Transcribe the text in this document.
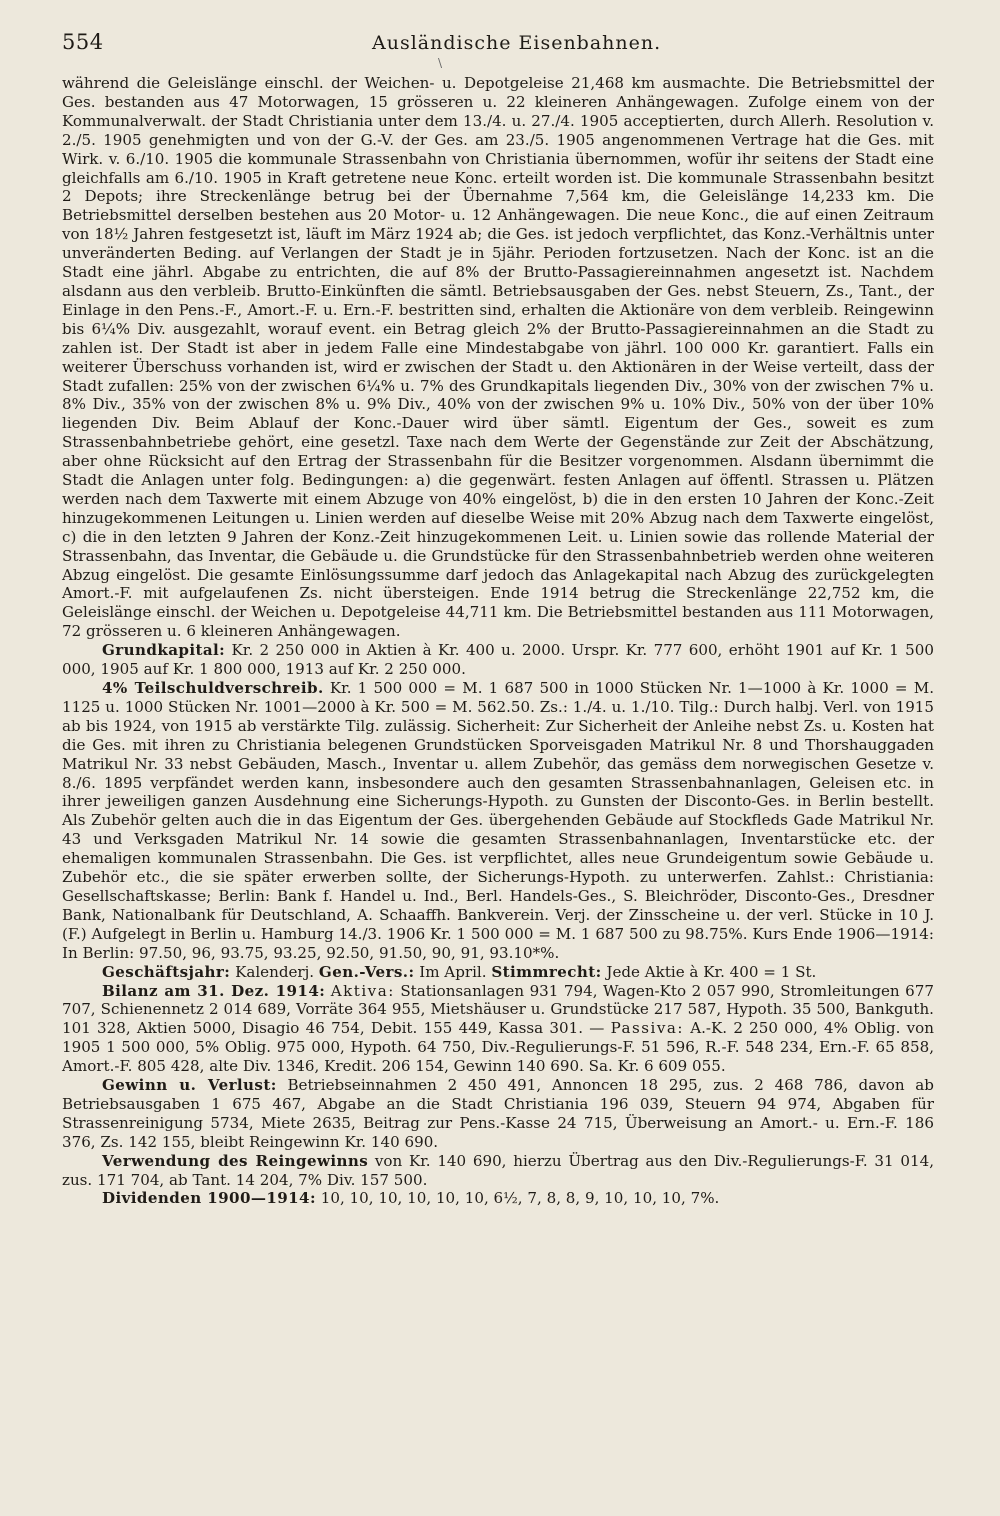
\
554	Ausländische Eisenbahnen.

während die Geleislänge einschl. der Weichen- u. Depotgeleise 21,468 km ausmachte. Die Betriebsmittel der Ges. bestanden aus 47 Motorwagen, 15 grösseren u. 22 kleineren Anhängewagen. Zufolge einem von der Kommunalverwalt. der Stadt Christiania unter dem 13./4. u. 27./4. 1905 acceptierten, durch Allerh. Resolution v. 2./5. 1905 genehmigten und von der G.-V. der Ges. am 23./5. 1905 angenommenen Vertrage hat die Ges. mit Wirk. v. 6./10. 1905 die kommunale Strassenbahn von Christiania übernommen, wofür ihr seitens der Stadt eine gleichfalls am 6./10. 1905 in Kraft getretene neue Konc. erteilt worden ist. Die kommunale Strassenbahn besitzt 2 Depots; ihre Streckenlänge betrug bei der Übernahme 7,564 km, die Geleislänge 14,233 km. Die Betriebsmittel derselben bestehen aus 20 Motor- u. 12 Anhängewagen. Die neue Konc., die auf einen Zeitraum von 18½ Jahren festgesetzt ist, läuft im März 1924 ab; die Ges. ist jedoch verpflichtet, das Konz.-Verhältnis unter unveränderten Beding. auf Verlangen der Stadt je in 5jähr. Perioden fortzusetzen. Nach der Konc. ist an die Stadt eine jährl. Abgabe zu entrichten, die auf 8% der Brutto-Passagiereinnahmen angesetzt ist. Nachdem alsdann aus den verbleib. Brutto-Einkünften die sämtl. Betriebsausgaben der Ges. nebst Steuern, Zs., Tant., der Einlage in den Pens.-F., Amort.-F. u. Ern.-F. bestritten sind, erhalten die Aktionäre von dem verbleib. Reingewinn bis 6¼% Div. ausgezahlt, worauf event. ein Betrag gleich 2% der Brutto-Passagiereinnahmen an die Stadt zu zahlen ist. Der Stadt ist aber in jedem Falle eine Mindestabgabe von jährl. 100 000 Kr. garantiert. Falls ein weiterer Überschuss vorhanden ist, wird er zwischen der Stadt u. den Aktionären in der Weise verteilt, dass der Stadt zufallen: 25% von der zwischen 6¼% u. 7% des Grundkapitals liegenden Div., 30% von der zwischen 7% u. 8% Div., 35% von der zwischen 8% u. 9% Div., 40% von der zwischen 9% u. 10% Div., 50% von der über 10% liegenden Div. Beim Ablauf der Konc.-Dauer wird über sämtl. Eigentum der Ges., soweit es zum Strassenbahnbetriebe gehört, eine gesetzl. Taxe nach dem Werte der Gegenstände zur Zeit der Abschätzung, aber ohne Rücksicht auf den Ertrag der Strassenbahn für die Besitzer vorgenommen. Alsdann übernimmt die Stadt die Anlagen unter folg. Bedingungen: a) die gegenwärt. festen Anlagen auf öffentl. Strassen u. Plätzen werden nach dem Taxwerte mit einem Abzuge von 40% eingelöst, b) die in den ersten 10 Jahren der Konc.-Zeit hinzugekommenen Leitungen u. Linien werden auf dieselbe Weise mit 20% Abzug nach dem Taxwerte eingelöst, c) die in den letzten 9 Jahren der Konz.-Zeit hinzugekommenen Leit. u. Linien sowie das rollende Material der Strassenbahn, das Inventar, die Gebäude u. die Grundstücke für den Strassenbahnbetrieb werden ohne weiteren Abzug eingelöst. Die gesamte Einlösungssumme darf jedoch das Anlagekapital nach Abzug des zurückgelegten Amort.-F. mit aufgelaufenen Zs. nicht übersteigen. Ende 1914 betrug die Streckenlänge 22,752 km, die Geleislänge einschl. der Weichen u. Depotgeleise 44,711 km. Die Betriebsmittel bestanden aus 111 Motorwagen, 72 grösseren u. 6 kleineren Anhängewagen.

Grundkapital: Kr. 2 250 000 in Aktien à Kr. 400 u. 2000. Urspr. Kr. 777 600, erhöht 1901 auf Kr. 1 500 000, 1905 auf Kr. 1 800 000, 1913 auf Kr. 2 250 000.

4% Teilschuldverschreib. Kr. 1 500 000 = M. 1 687 500 in 1000 Stücken Nr. 1—1000 à Kr. 1000 = M. 1125 u. 1000 Stücken Nr. 1001—2000 à Kr. 500 = M. 562.50. Zs.: 1./4. u. 1./10. Tilg.: Durch halbj. Verl. von 1915 ab bis 1924, von 1915 ab verstärkte Tilg. zulässig. Sicherheit: Zur Sicherheit der Anleihe nebst Zs. u. Kosten hat die Ges. mit ihren zu Christiania belegenen Grundstücken Sporveisgaden Matrikul Nr. 8 und Thorshauggaden Matrikul Nr. 33 nebst Gebäuden, Masch., Inventar u. allem Zubehör, das gemäss dem norwegischen Gesetze v. 8./6. 1895 verpfändet werden kann, insbesondere auch den gesamten Strassenbahnanlagen, Geleisen etc. in ihrer jeweiligen ganzen Ausdehnung eine Sicherungs-Hypoth. zu Gunsten der Disconto-Ges. in Berlin bestellt. Als Zubehör gelten auch die in das Eigentum der Ges. übergehenden Gebäude auf Stockfleds Gade Matrikul Nr. 43 und Verksgaden Matrikul Nr. 14 sowie die gesamten Strassenbahnanlagen, Inventarstücke etc. der ehemaligen kommunalen Strassenbahn. Die Ges. ist verpflichtet, alles neue Grundeigentum sowie Gebäude u. Zubehör etc., die sie später erwerben sollte, der Sicherungs-Hypoth. zu unterwerfen. Zahlst.: Christiania: Gesellschaftskasse; Berlin: Bank f. Handel u. Ind., Berl. Handels-Ges., S. Bleichröder, Disconto-Ges., Dresdner Bank, Nationalbank für Deutschland, A. Schaaffh. Bankverein. Verj. der Zinsscheine u. der verl. Stücke in 10 J. (F.) Aufgelegt in Berlin u. Hamburg 14./3. 1906 Kr. 1 500 000 = M. 1 687 500 zu 98.75%. Kurs Ende 1906—1914: In Berlin: 97.50, 96, 93.75, 93.25, 92.50, 91.50, 90, 91, 93.10*%.

Geschäftsjahr: Kalenderj. Gen.-Vers.: Im April. Stimmrecht: Jede Aktie à Kr. 400 = 1 St.

Bilanz am 31. Dez. 1914: Aktiva: Stationsanlagen 931 794, Wagen-Kto 2 057 990, Stromleitungen 677 707, Schienennetz 2 014 689, Vorräte 364 955, Mietshäuser u. Grundstücke 217 587, Hypoth. 35 500, Bankguth. 101 328, Aktien 5000, Disagio 46 754, Debit. 155 449, Kassa 301. — Passiva: A.-K. 2 250 000, 4% Oblig. von 1905 1 500 000, 5% Oblig. 975 000, Hypoth. 64 750, Div.-Regulierungs-F. 51 596, R.-F. 548 234, Ern.-F. 65 858, Amort.-F. 805 428, alte Div. 1346, Kredit. 206 154, Gewinn 140 690. Sa. Kr. 6 609 055.

Gewinn u. Verlust: Betriebseinnahmen 2 450 491, Annoncen 18 295, zus. 2 468 786, davon ab Betriebsausgaben 1 675 467, Abgabe an die Stadt Christiania 196 039, Steuern 94 974, Abgaben für Strassenreinigung 5734, Miete 2635, Beitrag zur Pens.-Kasse 24 715, Überweisung an Amort.- u. Ern.-F. 186 376, Zs. 142 155, bleibt Reingewinn Kr. 140 690.

Verwendung des Reingewinns von Kr. 140 690, hierzu Übertrag aus den Div.-Regulierungs-F. 31 014, zus. 171 704, ab Tant. 14 204, 7% Div. 157 500.

Dividenden 1900—1914: 10, 10, 10, 10, 10, 10, 6½, 7, 8, 8, 9, 10, 10, 10, 7%.
